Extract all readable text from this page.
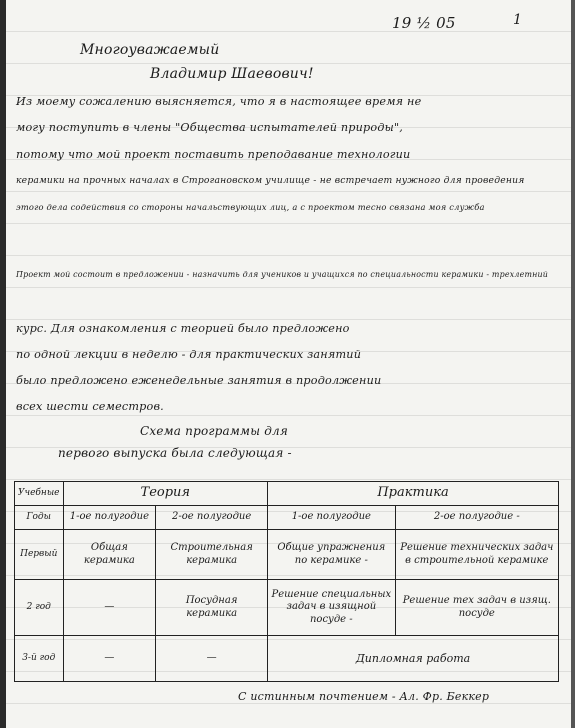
19 ½ 05	1
Многоуважаемый
Владимир Шаевович!
Из моему сожалению выясняется, что я в настоящее время не
могу поступить в члены "Общества испытателей природы",
потому что мой проект поставить преподавание технологии
керамики на прочных началах в Строгановском училище - не встречает нужного для проведения
этого дела содействия со стороны начальствующих лиц, а с проектом тесно связана моя служба
Проект мой состоит в предложении - назначить для учеников и учащихся по специальности керамики - трехлетний
курс. Для ознакомления с теорией было предложено
по одной лекции в неделю - для практических занятий
было предложено еженедельные занятия в продолжении
всех шести семестров.
Схема программы для
первого выпуска была следующая -
Учебные	Теория		Практика	
Годы	1-ое полугодие	2-ое полугодие	1-ое полугодие	2-ое полугодие -
Первый	Общая керамика	Строительная керамика	Общие упражнения по керамике -	Решение технических задач в строительной керамике
2 год	—	Посудная керамика	Решение специальных задач в изящной посуде -	Решение тех задач в изящ. посуде
3-й год	—	—	Дипломная работа	
С истинным почтением - Ал. Фр. Беккер
